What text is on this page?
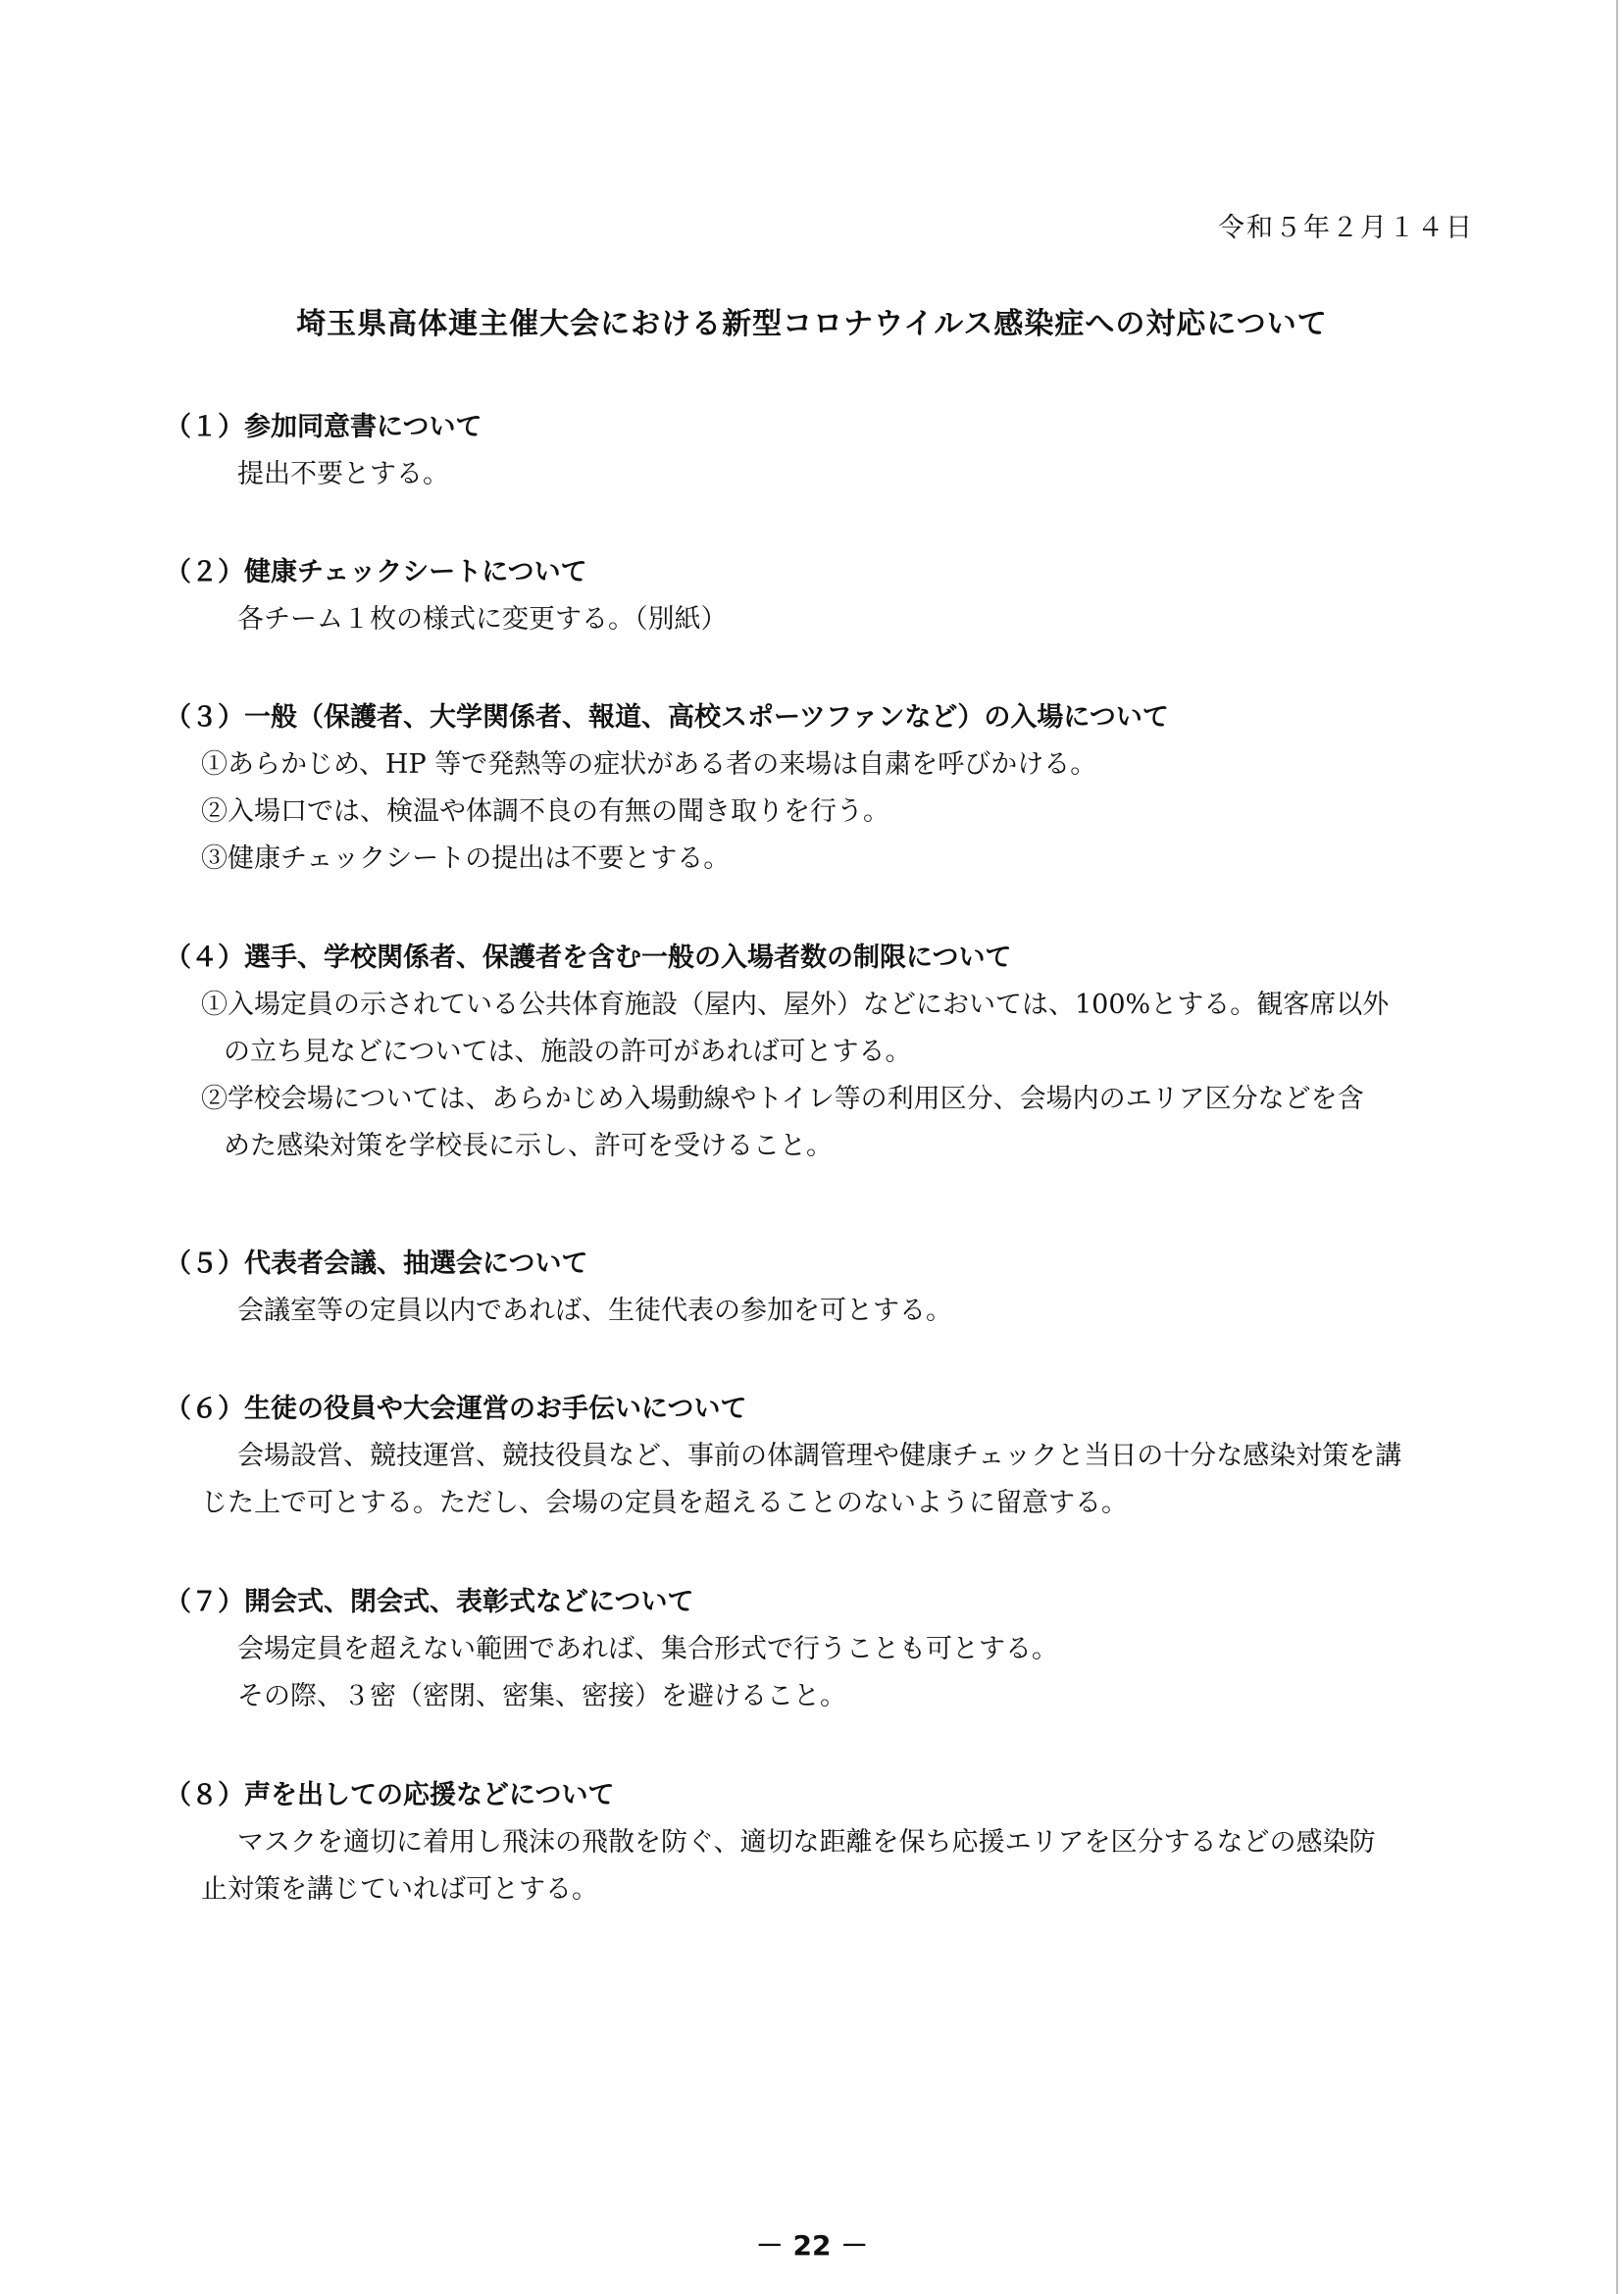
令和５年２月１４日
埼玉県高体連主催大会における新型コロナウイルス感染症への対応について
（１）参加同意書について
提出不要とする。
（２）健康チェックシートについて
各チーム１枚の様式に変更する。（別紙）
（３）一般（保護者、大学関係者、報道、高校スポーツファンなど）の入場について
①あらかじめ、HP 等で発熱等の症状がある者の来場は自粛を呼びかける。
②入場口では、検温や体調不良の有無の聞き取りを行う。
③健康チェックシートの提出は不要とする。
（４）選手、学校関係者、保護者を含む一般の入場者数の制限について
①入場定員の示されている公共体育施設（屋内、屋外）などにおいては、100%とする。観客席以外
の立ち見などについては、施設の許可があれば可とする。
②学校会場については、あらかじめ入場動線やトイレ等の利用区分、会場内のエリア区分などを含
めた感染対策を学校長に示し、許可を受けること。
（５）代表者会議、抽選会について
会議室等の定員以内であれば、生徒代表の参加を可とする。
（６）生徒の役員や大会運営のお手伝いについて
会場設営、競技運営、競技役員など、事前の体調管理や健康チェックと当日の十分な感染対策を講
じた上で可とする。ただし、会場の定員を超えることのないように留意する。
（７）開会式、閉会式、表彰式などについて
会場定員を超えない範囲であれば、集合形式で行うことも可とする。
その際、３密（密閉、密集、密接）を避けること。
（８）声を出しての応援などについて
マスクを適切に着用し飛沫の飛散を防ぐ、適切な距離を保ち応援エリアを区分するなどの感染防
止対策を講じていれば可とする。
－ 22 －
